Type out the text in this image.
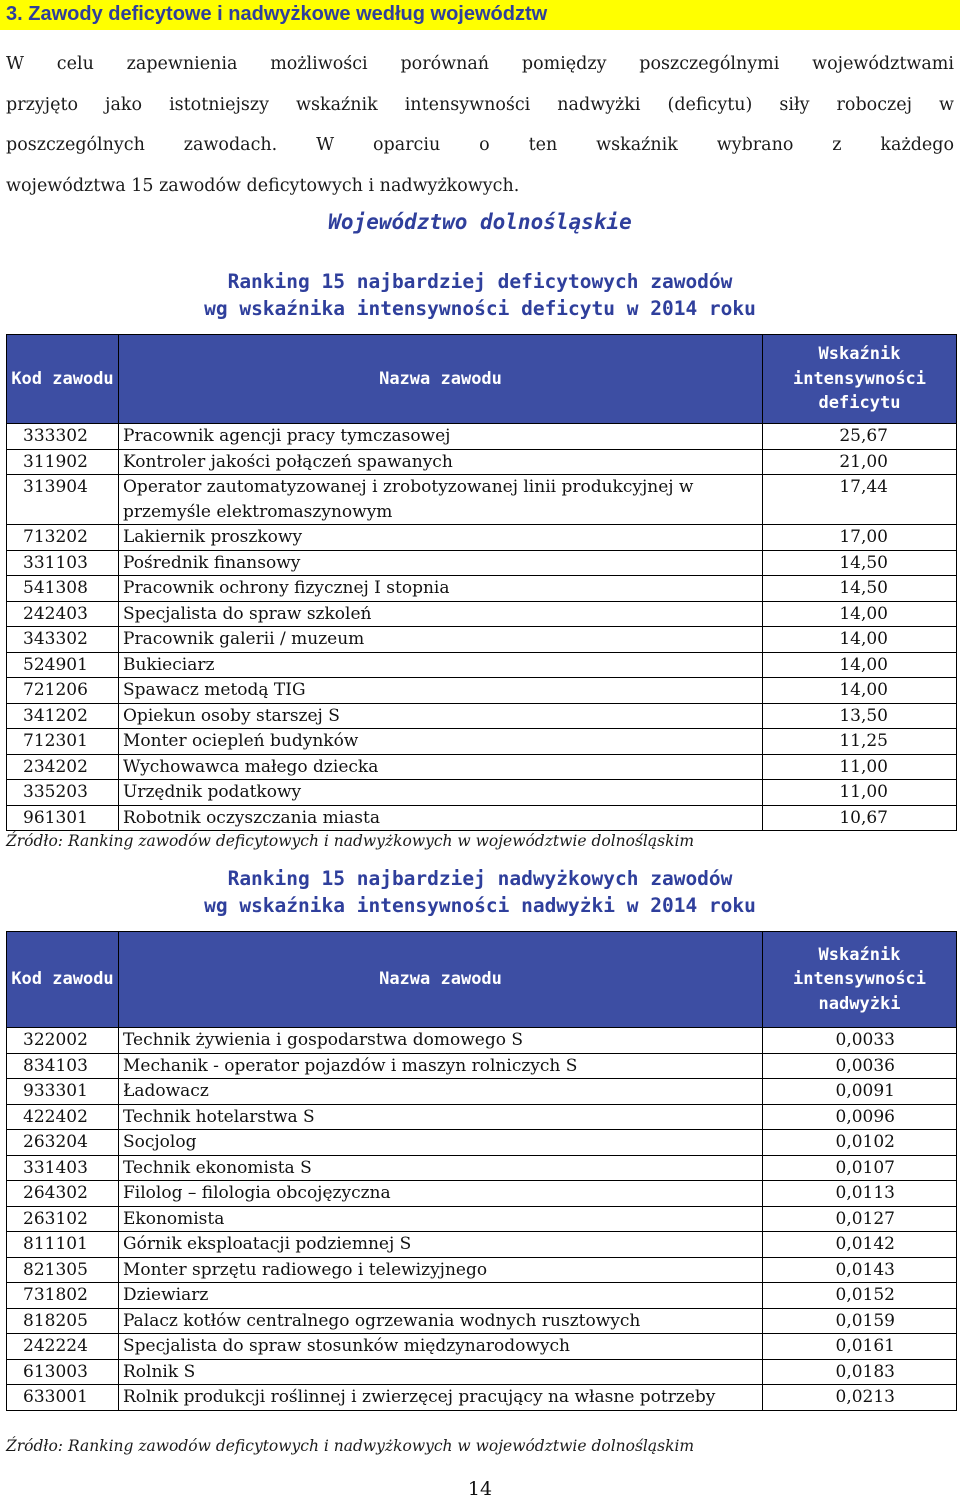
3. Zawody deficytowe i nadwyżkowe według województw
W celu zapewnienia możliwości porównań pomiędzy poszczególnymi województwami
przyjęto jako istotniejszy wskaźnik intensywności nadwyżki (deficytu) siły roboczej w
poszczególnych zawodach. W oparciu o ten wskaźnik wybrano z każdego
województwa 15 zawodów deficytowych i nadwyżkowych.
Województwo dolnośląskie
Ranking 15 najbardziej deficytowych zawodów
wg wskaźnika intensywności deficytu w 2014 roku
Kod zawodu	Nazwa zawodu	Wskaźnik intensywności deficytu
333302	Pracownik agencji pracy tymczasowej	25,67
311902	Kontroler jakości połączeń spawanych	21,00
313904	Operator zautomatyzowanej i zrobotyzowanej linii produkcyjnej w przemyśle elektromaszynowym	17,44
713202	Lakiernik proszkowy	17,00
331103	Pośrednik finansowy	14,50
541308	Pracownik ochrony fizycznej I stopnia	14,50
242403	Specjalista do spraw szkoleń	14,00
343302	Pracownik galerii / muzeum	14,00
524901	Bukieciarz	14,00
721206	Spawacz metodą TIG	14,00
341202	Opiekun osoby starszej S	13,50
712301	Monter ociepleń budynków	11,25
234202	Wychowawca małego dziecka	11,00
335203	Urzędnik podatkowy	11,00
961301	Robotnik oczyszczania miasta	10,67
Źródło: Ranking zawodów deficytowych i nadwyżkowych w województwie dolnośląskim
Ranking 15 najbardziej nadwyżkowych zawodów
wg wskaźnika intensywności nadwyżki w 2014 roku
Kod zawodu	Nazwa zawodu	Wskaźnik intensywności nadwyżki
322002	Technik żywienia i gospodarstwa domowego S	0,0033
834103	Mechanik - operator pojazdów i maszyn rolniczych S	0,0036
933301	Ładowacz	0,0091
422402	Technik hotelarstwa S	0,0096
263204	Socjolog	0,0102
331403	Technik ekonomista S	0,0107
264302	Filolog – filologia obcojęzyczna	0,0113
263102	Ekonomista	0,0127
811101	Górnik eksploatacji podziemnej S	0,0142
821305	Monter sprzętu radiowego i telewizyjnego	0,0143
731802	Dziewiarz	0,0152
818205	Palacz kotłów centralnego ogrzewania wodnych rusztowych	0,0159
242224	Specjalista do spraw stosunków międzynarodowych	0,0161
613003	Rolnik S	0,0183
633001	Rolnik produkcji roślinnej i zwierzęcej pracujący na własne potrzeby	0,0213
Źródło: Ranking zawodów deficytowych i nadwyżkowych w województwie dolnośląskim
14
